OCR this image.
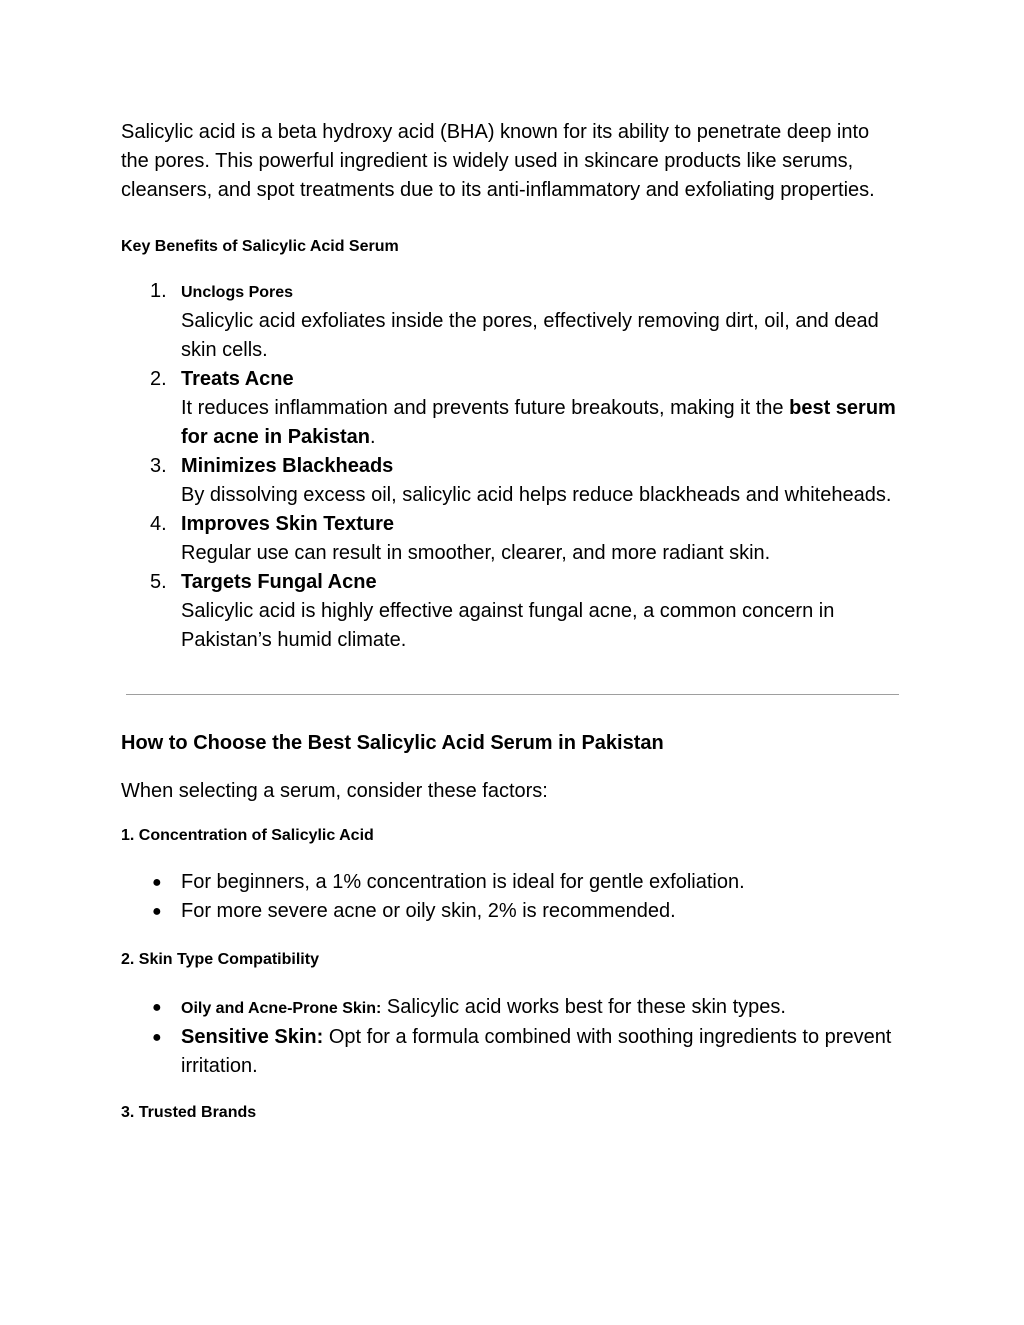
Salicylic acid is a beta hydroxy acid (BHA) known for its ability to penetrate deep into the pores. This powerful ingredient is widely used in skincare products like serums, cleansers, and spot treatments due to its anti-inflammatory and exfoliating properties.

Key Benefits of Salicylic Acid Serum

1. Unclogs Pores
Salicylic acid exfoliates inside the pores, effectively removing dirt, oil, and dead skin cells.
2. Treats Acne
It reduces inflammation and prevents future breakouts, making it the best serum for acne in Pakistan.
3. Minimizes Blackheads
By dissolving excess oil, salicylic acid helps reduce blackheads and whiteheads.
4. Improves Skin Texture
Regular use can result in smoother, clearer, and more radiant skin.
5. Targets Fungal Acne
Salicylic acid is highly effective against fungal acne, a common concern in Pakistan’s humid climate.

How to Choose the Best Salicylic Acid Serum in Pakistan

When selecting a serum, consider these factors:

1. Concentration of Salicylic Acid

● For beginners, a 1% concentration is ideal for gentle exfoliation.
● For more severe acne or oily skin, 2% is recommended.

2. Skin Type Compatibility

● Oily and Acne-Prone Skin: Salicylic acid works best for these skin types.
● Sensitive Skin: Opt for a formula combined with soothing ingredients to prevent irritation.

3. Trusted Brands
